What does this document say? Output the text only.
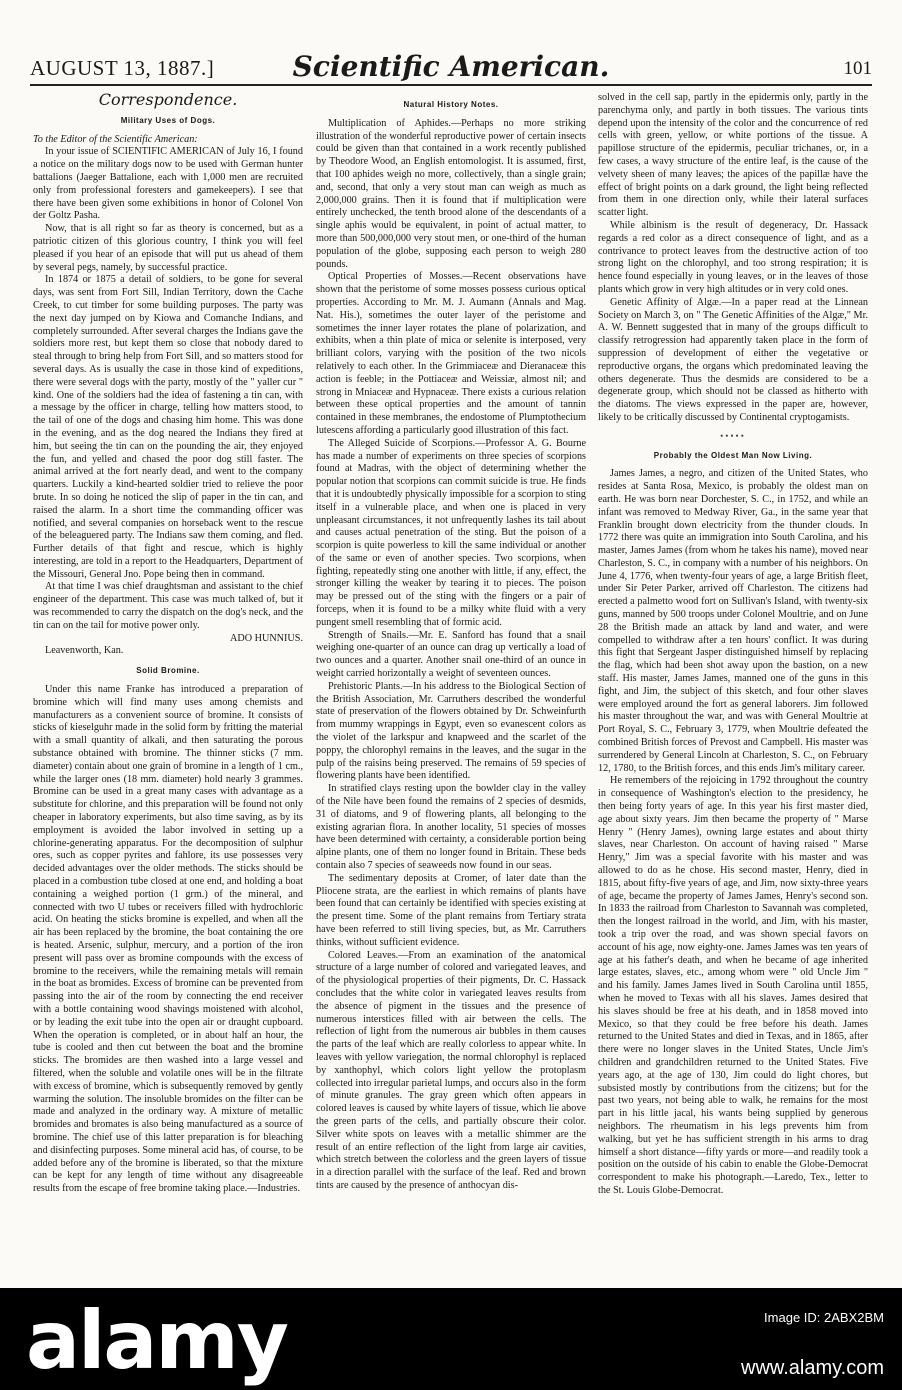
AUGUST 13, 1887.]	Scientific American.	101
Correspondence.
Military Uses of Dogs.

To the Editor of the Scientific American:

In your issue of SCIENTIFIC AMERICAN of July 16, I found a notice on the military dogs now to be used with German hunter battalions (Jaeger Battalione, each with 1,000 men are recruited only from professional foresters and gamekeepers). I see that there have been given some exhibitions in honor of Colonel Von der Goltz Pasha.

Now, that is all right so far as theory is concerned, but as a patriotic citizen of this glorious country, I think you will feel pleased if you hear of an episode that will put us ahead of them by several pegs, namely, by successful practice.

In 1874 or 1875 a detail of soldiers, to be gone for several days, was sent from Fort Sill, Indian Territory, down the Cache Creek, to cut timber for some building purposes. The party was the next day jumped on by Kiowa and Comanche Indians, and completely surrounded. After several charges the Indians gave the soldiers more rest, but kept them so close that nobody dared to steal through to bring help from Fort Sill, and so matters stood for several days. As is usually the case in those kind of expeditions, there were several dogs with the party, mostly of the " yaller cur " kind. One of the soldiers had the idea of fastening a tin can, with a message by the officer in charge, telling how matters stood, to the tail of one of the dogs and chasing him home. This was done in the evening, and as the dog neared the Indians they fired at him, but seeing the tin can on the pounding the air, they enjoyed the fun, and yelled and chased the poor dog still faster. The animal arrived at the fort nearly dead, and went to the company quarters. Luckily a kind-hearted soldier tried to relieve the poor brute. In so doing he noticed the slip of paper in the tin can, and raised the alarm. In a short time the commanding officer was notified, and several companies on horseback went to the rescue of the beleaguered party. The Indians saw them coming, and fled. Further details of that fight and rescue, which is highly interesting, are told in a report to the Headquarters, Department of the Missouri, General Jno. Pope being then in command.

At that time I was chief draughtsman and assistant to the chief engineer of the department. This case was much talked of, but it was recommended to carry the dispatch on the dog's neck, and the tin can on the tail for motive power only.

ADO HUNNIUS.

Leavenworth, Kan.

Solid Bromine.

Under this name Franke has introduced a preparation of bromine which will find many uses among chemists and manufacturers as a convenient source of bromine. It consists of sticks of kieselguhr made in the solid form by fritting the material with a small quantity of alkali, and then saturating the porous substance obtained with bromine. The thinner sticks (7 mm. diameter) contain about one grain of bromine in a length of 1 cm., while the larger ones (18 mm. diameter) hold nearly 3 grammes. Bromine can be used in a great many cases with advantage as a substitute for chlorine, and this preparation will be found not only cheaper in laboratory experiments, but also time saving, as by its employment is avoided the labor involved in setting up a chlorine-generating apparatus. For the decomposition of sulphur ores, such as copper pyrites and fahlore, its use possesses very decided advantages over the older methods. The sticks should be placed in a combustion tube closed at one end, and holding a boat containing a weighed portion (1 grm.) of the mineral, and connected with two U tubes or receivers filled with hydrochloric acid. On heating the sticks bromine is expelled, and when all the air has been replaced by the bromine, the boat containing the ore is heated. Arsenic, sulphur, mercury, and a portion of the iron present will pass over as bromine compounds with the excess of bromine to the receivers, while the remaining metals will remain in the boat as bromides. Excess of bromine can be prevented from passing into the air of the room by connecting the end receiver with a bottle containing wood shavings moistened with alcohol, or by leading the exit tube into the open air or draught cupboard. When the operation is completed, or in about half an hour, the tube is cooled and then cut between the boat and the bromine sticks. The bromides are then washed into a large vessel and filtered, when the soluble and volatile ones will be in the filtrate with excess of bromine, which is subsequently removed by gently warming the solution. The insoluble bromides on the filter can be made and analyzed in the ordinary way. A mixture of metallic bromides and bromates is also being manufactured as a source of bromine. The chief use of this latter preparation is for bleaching and disinfecting purposes. Some mineral acid has, of course, to be added before any of the bromine is liberated, so that the mixture can be kept for any length of time without any disagreeable results from the escape of free bromine taking place.—Industries.

Natural History Notes.

Multiplication of Aphides.—Perhaps no more striking illustration of the wonderful reproductive power of certain insects could be given than that contained in a work recently published by Theodore Wood, an English entomologist. It is assumed, first, that 100 aphides weigh no more, collectively, than a single grain; and, second, that only a very stout man can weigh as much as 2,000,000 grains. Then it is found that if multiplication were entirely unchecked, the tenth brood alone of the descendants of a single aphis would be equivalent, in point of actual matter, to more than 500,000,000 very stout men, or one-third of the human population of the globe, supposing each person to weigh 280 pounds.

Optical Properties of Mosses.—Recent observations have shown that the peristome of some mosses possess curious optical properties. According to Mr. M. J. Aumann (Annals and Mag. Nat. His.), sometimes the outer layer of the peristome and sometimes the inner layer rotates the plane of polarization, and exhibits, when a thin plate of mica or selenite is interposed, very brilliant colors, varying with the position of the two nicols relatively to each other. In the Grimmiaceæ and Dieranaceæ this action is feeble; in the Pottiaceæ and Weissiæ, almost nil; and strong in Mniaceæ and Hypnaceæ. There exists a curious relation between these optical properties and the amount of tannin contained in these membranes, the endostome of Plumptothecium lutescens affording a particularly good illustration of this fact.

The Alleged Suicide of Scorpions.—Professor A. G. Bourne has made a number of experiments on three species of scorpions found at Madras, with the object of determining whether the popular notion that scorpions can commit suicide is true. He finds that it is undoubtedly physically impossible for a scorpion to sting itself in a vulnerable place, and when one is placed in very unpleasant circumstances, it not unfrequently lashes its tail about and causes actual penetration of the sting. But the poison of a scorpion is quite powerless to kill the same individual or another of the same or even of another species. Two scorpions, when fighting, repeatedly sting one another with little, if any, effect, the stronger killing the weaker by tearing it to pieces. The poison may be pressed out of the sting with the fingers or a pair of forceps, when it is found to be a milky white fluid with a very pungent smell resembling that of formic acid.

Strength of Snails.—Mr. E. Sanford has found that a snail weighing one-quarter of an ounce can drag up vertically a load of two ounces and a quarter. Another snail one-third of an ounce in weight carried horizontally a weight of seventeen ounces.

Prehistoric Plants.—In his address to the Biological Section of the British Association, Mr. Carruthers described the wonderful state of preservation of the flowers obtained by Dr. Schweinfurth from mummy wrappings in Egypt, even so evanescent colors as the violet of the larkspur and knapweed and the scarlet of the poppy, the chlorophyl remains in the leaves, and the sugar in the pulp of the raisins being preserved. The remains of 59 species of flowering plants have been identified.

In stratified clays resting upon the bowlder clay in the valley of the Nile have been found the remains of 2 species of desmids, 31 of diatoms, and 9 of flowering plants, all belonging to the existing agrarian flora. In another locality, 51 species of mosses have been determined with certainty, a considerable portion being alpine plants, one of them no longer found in Britain. These beds contain also 7 species of seaweeds now found in our seas.

The sedimentary deposits at Cromer, of later date than the Pliocene strata, are the earliest in which remains of plants have been found that can certainly be identified with species existing at the present time. Some of the plant remains from Tertiary strata have been referred to still living species, but, as Mr. Carruthers thinks, without sufficient evidence.

Colored Leaves.—From an examination of the anatomical structure of a large number of colored and variegated leaves, and of the physiological properties of their pigments, Dr. C. Hassack concludes that the white color in variegated leaves results from the absence of pigment in the tissues and the presence of numerous interstices filled with air between the cells. The reflection of light from the numerous air bubbles in them causes the parts of the leaf which are really colorless to appear white. In leaves with yellow variegation, the normal chlorophyl is replaced by xanthophyl, which colors light yellow the protoplasm collected into irregular parietal lumps, and occurs also in the form of minute granules. The gray green which often appears in colored leaves is caused by white layers of tissue, which lie above the green parts of the cells, and partially obscure their color. Silver white spots on leaves with a metallic shimmer are the result of an entire reflection of the light from large air cavities, which stretch between the colorless and the green layers of tissue in a direction parallel with the surface of the leaf. Red and brown tints are caused by the presence of anthocyan dis-

solved in the cell sap, partly in the epidermis only, partly in the parenchyma only, and partly in both tissues. The various tints depend upon the intensity of the color and the concurrence of red cells with green, yellow, or white portions of the tissue. A papillose structure of the epidermis, peculiar trichanes, or, in a few cases, a wavy structure of the entire leaf, is the cause of the velvety sheen of many leaves; the apices of the papillæ have the effect of bright points on a dark ground, the light being reflected from them in one direction only, while their lateral surfaces scatter light.

While albinism is the result of degeneracy, Dr. Hassack regards a red color as a direct consequence of light, and as a contrivance to protect leaves from the destructive action of too strong light on the chlorophyl, and too strong respiration; it is hence found especially in young leaves, or in the leaves of those plants which grow in very high altitudes or in very cold ones.

Genetic Affinity of Algæ.—In a paper read at the Linnean Society on March 3, on " The Genetic Affinities of the Algæ," Mr. A. W. Bennett suggested that in many of the groups difficult to classify retrogression had apparently taken place in the form of suppression of development of either the vegetative or reproductive organs, the organs which predominated leaving the others degenerate. Thus the desmids are considered to be a degenerate group, which should not be classed as hitherto with the diatoms. The views expressed in the paper are, however, likely to be critically discussed by Continental cryptogamists.

•••••
Probably the Oldest Man Now Living.

James James, a negro, and citizen of the United States, who resides at Santa Rosa, Mexico, is probably the oldest man on earth. He was born near Dorchester, S. C., in 1752, and while an infant was removed to Medway River, Ga., in the same year that Franklin brought down electricity from the thunder clouds. In 1772 there was quite an immigration into South Carolina, and his master, James James (from whom he takes his name), moved near Charleston, S. C., in company with a number of his neighbors. On June 4, 1776, when twenty-four years of age, a large British fleet, under Sir Peter Parker, arrived off Charleston. The citizens had erected a palmetto wood fort on Sullivan's Island, with twenty-six guns, manned by 500 troops under Colonel Moultrie, and on June 28 the British made an attack by land and water, and were compelled to withdraw after a ten hours' conflict. It was during this fight that Sergeant Jasper distinguished himself by replacing the flag, which had been shot away upon the bastion, on a new staff. His master, James James, manned one of the guns in this fight, and Jim, the subject of this sketch, and four other slaves were employed around the fort as general laborers. Jim followed his master throughout the war, and was with General Moultrie at Port Royal, S. C., February 3, 1779, when Moultrie defeated the combined British forces of Prevost and Campbell. His master was surrendered by General Lincoln at Charleston, S. C., on February 12, 1780, to the British forces, and this ends Jim's military career.

He remembers of the rejoicing in 1792 throughout the country in consequence of Washington's election to the presidency, he then being forty years of age. In this year his first master died, age about sixty years. Jim then became the property of " Marse Henry " (Henry James), owning large estates and about thirty slaves, near Charleston. On account of having raised " Marse Henry," Jim was a special favorite with his master and was allowed to do as he chose. His second master, Henry, died in 1815, about fifty-five years of age, and Jim, now sixty-three years of age, became the property of James James, Henry's second son. In 1833 the railroad from Charleston to Savannah was completed, then the longest railroad in the world, and Jim, with his master, took a trip over the road, and was shown special favors on account of his age, now eighty-one. James James was ten years of age at his father's death, and when he became of age inherited large estates, slaves, etc., among whom were " old Uncle Jim " and his family. James James lived in South Carolina until 1855, when he moved to Texas with all his slaves. James desired that his slaves should be free at his death, and in 1858 moved into Mexico, so that they could be free before his death. James returned to the United States and died in Texas, and in 1865, after there were no longer slaves in the United States, Uncle Jim's children and grandchildren returned to the United States. Five years ago, at the age of 130, Jim could do light chores, but subsisted mostly by contributions from the citizens; but for the past two years, not being able to walk, he remains for the most part in his little jacal, his wants being supplied by generous neighbors. The rheumatism in his legs prevents him from walking, but yet he has sufficient strength in his arms to drag himself a short distance—fifty yards or more—and readily took a position on the outside of his cabin to enable the Globe-Democrat correspondent to make his photograph.—Laredo, Tex., letter to the St. Louis Globe-Democrat.

alamy	Image ID: 2ABX2BM
www.alamy.com
